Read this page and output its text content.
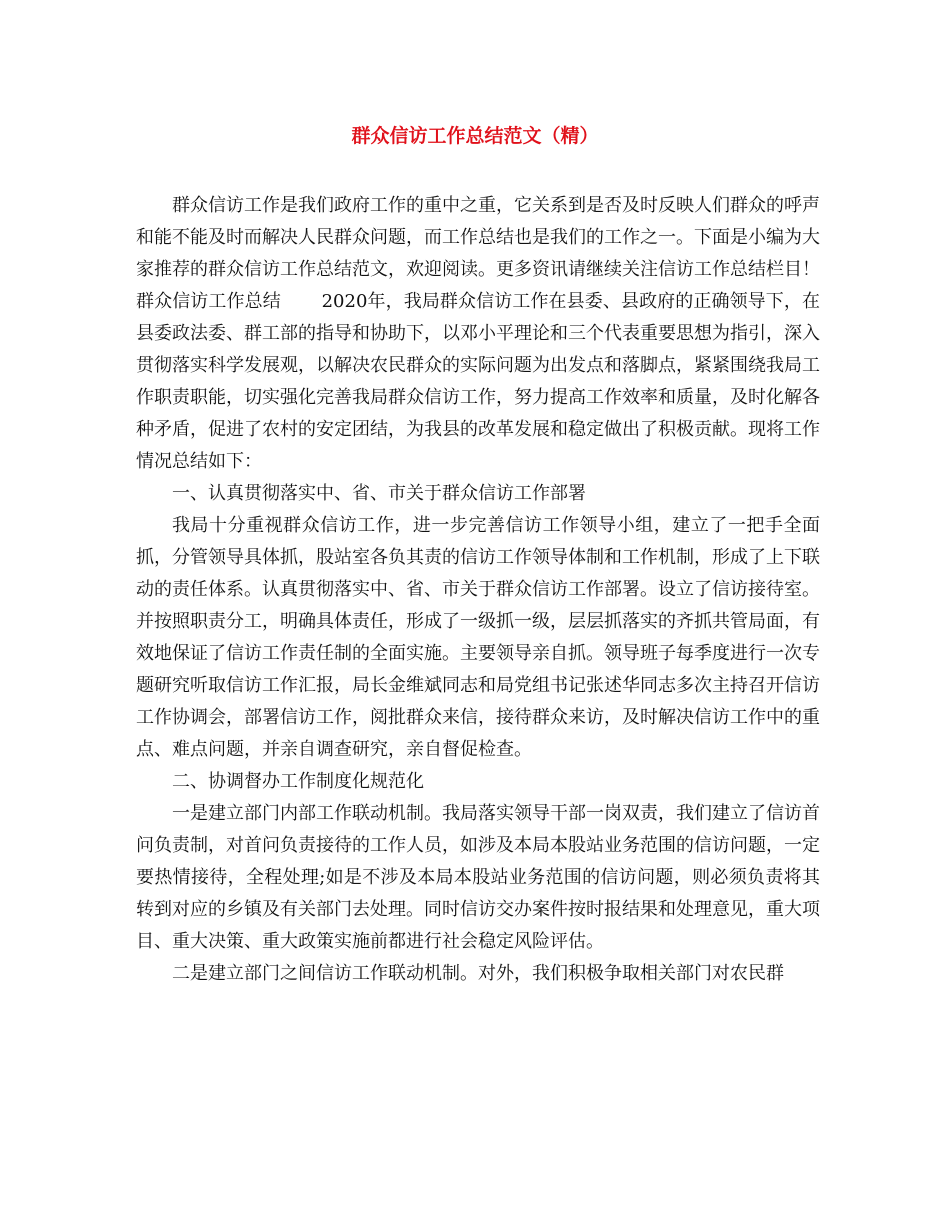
群众信访工作总结范文（精）

群众信访工作是我们政府工作的重中之重，它关系到是否及时反映人们群众的呼声和能不能及时而解决人民群众问题，而工作总结也是我们的工作之一。下面是小编为大家推荐的群众信访工作总结范文，欢迎阅读。更多资讯请继续关注信访工作总结栏目！

群众信访工作总结 2020年，我局群众信访工作在县委、县政府的正确领导下，在县委政法委、群工部的指导和协助下，以邓小平理论和三个代表重要思想为指引，深入贯彻落实科学发展观，以解决农民群众的实际问题为出发点和落脚点，紧紧围绕我局工作职责职能，切实强化完善我局群众信访工作，努力提高工作效率和质量，及时化解各种矛盾，促进了农村的安定团结，为我县的改革发展和稳定做出了积极贡献。现将工作情况总结如下：

一、认真贯彻落实中、省、市关于群众信访工作部署

我局十分重视群众信访工作，进一步完善信访工作领导小组，建立了一把手全面抓，分管领导具体抓，股站室各负其责的信访工作领导体制和工作机制，形成了上下联动的责任体系。认真贯彻落实中、省、市关于群众信访工作部署。设立了信访接待室。并按照职责分工，明确具体责任，形成了一级抓一级，层层抓落实的齐抓共管局面，有效地保证了信访工作责任制的全面实施。主要领导亲自抓。领导班子每季度进行一次专题研究听取信访工作汇报，局长金维斌同志和局党组书记张述华同志多次主持召开信访工作协调会，部署信访工作，阅批群众来信，接待群众来访，及时解决信访工作中的重点、难点问题，并亲自调查研究，亲自督促检查。

二、协调督办工作制度化规范化

一是建立部门内部工作联动机制。我局落实领导干部一岗双责，我们建立了信访首问负责制，对首问负责接待的工作人员，如涉及本局本股站业务范围的信访问题，一定要热情接待，全程处理;如是不涉及本局本股站业务范围的信访问题，则必须负责将其转到对应的乡镇及有关部门去处理。同时信访交办案件按时报结果和处理意见，重大项目、重大决策、重大政策实施前都进行社会稳定风险评估。

二是建立部门之间信访工作联动机制。对外，我们积极争取相关部门对农民群
